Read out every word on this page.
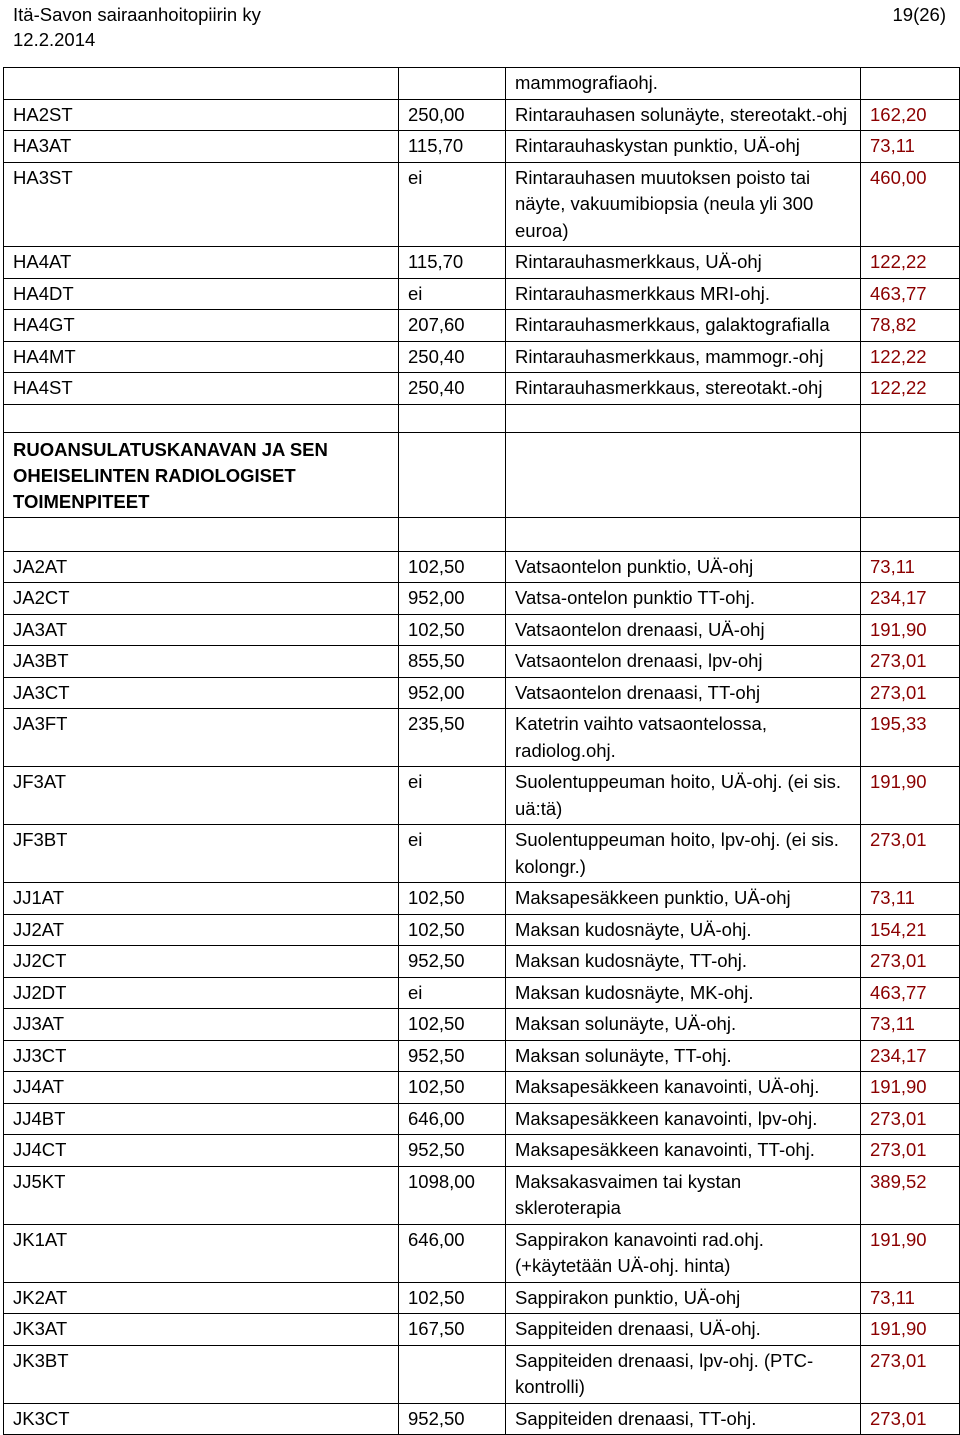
Itä-Savon sairaanhoitopiirin ky
12.2.2014
19(26)
		mammografiaohj.	
HA2ST	250,00	Rintarauhasen solunäyte, stereotakt.-ohj	162,20
HA3AT	115,70	Rintarauhaskystan punktio, UÄ-ohj	73,11
HA3ST	ei	Rintarauhasen muutoksen poisto tai näyte, vakuumibiopsia (neula yli 300 euroa)	460,00
HA4AT	115,70	Rintarauhasmerkkaus, UÄ-ohj	122,22
HA4DT	ei	Rintarauhasmerkkaus MRI-ohj.	463,77
HA4GT	207,60	Rintarauhasmerkkaus, galaktografialla	78,82
HA4MT	250,40	Rintarauhasmerkkaus, mammogr.-ohj	122,22
HA4ST	250,40	Rintarauhasmerkkaus, stereotakt.-ohj	122,22

RUOANSULATUSKANAVAN JA SEN OHEISELINTEN RADIOLOGISET TOIMENPITEET			

JA2AT	102,50	Vatsaontelon punktio, UÄ-ohj	73,11
JA2CT	952,00	Vatsa-ontelon punktio TT-ohj.	234,17
JA3AT	102,50	Vatsaontelon drenaasi, UÄ-ohj	191,90
JA3BT	855,50	Vatsaontelon drenaasi, lpv-ohj	273,01
JA3CT	952,00	Vatsaontelon drenaasi, TT-ohj	273,01
JA3FT	235,50	Katetrin vaihto vatsaontelossa, radiolog.ohj.	195,33
JF3AT	ei	Suolentuppeuman hoito, UÄ-ohj. (ei sis. uä:tä)	191,90
JF3BT	ei	Suolentuppeuman hoito, lpv-ohj. (ei sis. kolongr.)	273,01
JJ1AT	102,50	Maksapesäkkeen punktio, UÄ-ohj	73,11
JJ2AT	102,50	Maksan kudosnäyte, UÄ-ohj.	154,21
JJ2CT	952,50	Maksan kudosnäyte, TT-ohj.	273,01
JJ2DT	ei	Maksan kudosnäyte, MK-ohj.	463,77
JJ3AT	102,50	Maksan solunäyte, UÄ-ohj.	73,11
JJ3CT	952,50	Maksan solunäyte, TT-ohj.	234,17
JJ4AT	102,50	Maksapesäkkeen kanavointi, UÄ-ohj.	191,90
JJ4BT	646,00	Maksapesäkkeen kanavointi, lpv-ohj.	273,01
JJ4CT	952,50	Maksapesäkkeen kanavointi, TT-ohj.	273,01
JJ5KT	1098,00	Maksakasvaimen tai kystan skleroterapia	389,52
JK1AT	646,00	Sappirakon kanavointi rad.ohj. (+käytetään UÄ-ohj. hinta)	191,90
JK2AT	102,50	Sappirakon punktio, UÄ-ohj	73,11
JK3AT	167,50	Sappiteiden drenaasi, UÄ-ohj.	191,90
JK3BT		Sappiteiden drenaasi, lpv-ohj. (PTC-kontrolli)	273,01
JK3CT	952,50	Sappiteiden drenaasi, TT-ohj.	273,01
